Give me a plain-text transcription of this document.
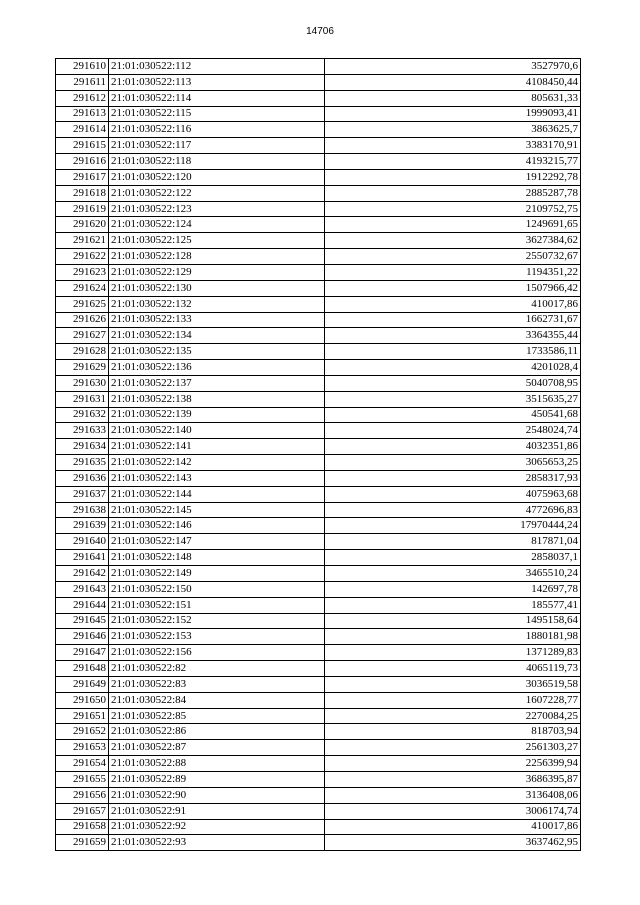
14706
291610	21:01:030522:112	3527970,6
291611	21:01:030522:113	4108450,44
291612	21:01:030522:114	805631,33
291613	21:01:030522:115	1999093,41
291614	21:01:030522:116	3863625,7
291615	21:01:030522:117	3383170,91
291616	21:01:030522:118	4193215,77
291617	21:01:030522:120	1912292,78
291618	21:01:030522:122	2885287,78
291619	21:01:030522:123	2109752,75
291620	21:01:030522:124	1249691,65
291621	21:01:030522:125	3627384,62
291622	21:01:030522:128	2550732,67
291623	21:01:030522:129	1194351,22
291624	21:01:030522:130	1507966,42
291625	21:01:030522:132	410017,86
291626	21:01:030522:133	1662731,67
291627	21:01:030522:134	3364355,44
291628	21:01:030522:135	1733586,11
291629	21:01:030522:136	4201028,4
291630	21:01:030522:137	5040708,95
291631	21:01:030522:138	3515635,27
291632	21:01:030522:139	450541,68
291633	21:01:030522:140	2548024,74
291634	21:01:030522:141	4032351,86
291635	21:01:030522:142	3065653,25
291636	21:01:030522:143	2858317,93
291637	21:01:030522:144	4075963,68
291638	21:01:030522:145	4772696,83
291639	21:01:030522:146	17970444,24
291640	21:01:030522:147	817871,04
291641	21:01:030522:148	2858037,1
291642	21:01:030522:149	3465510,24
291643	21:01:030522:150	142697,78
291644	21:01:030522:151	185577,41
291645	21:01:030522:152	1495158,64
291646	21:01:030522:153	1880181,98
291647	21:01:030522:156	1371289,83
291648	21:01:030522:82	4065119,73
291649	21:01:030522:83	3036519,58
291650	21:01:030522:84	1607228,77
291651	21:01:030522:85	2270084,25
291652	21:01:030522:86	818703,94
291653	21:01:030522:87	2561303,27
291654	21:01:030522:88	2256399,94
291655	21:01:030522:89	3686395,87
291656	21:01:030522:90	3136408,06
291657	21:01:030522:91	3006174,74
291658	21:01:030522:92	410017,86
291659	21:01:030522:93	3637462,95
